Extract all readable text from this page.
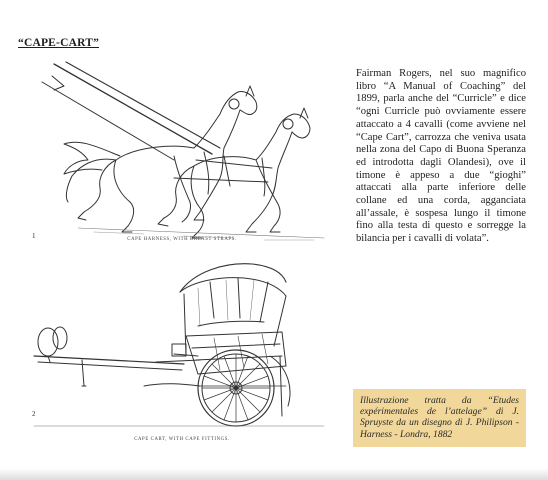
“CAPE-CART”
1	CAPE HARNESS, WITH BREAST STRAPS.
2
CAPE CART, WITH CAPE FITTINGS.

Fairman Rogers, nel suo magnifico libro “A Manual of Coaching” del 1899, parla anche del “Curricle” e dice “ogni Curricle può ovviamente essere attaccato a 4 cavalli (come avviene nel “Cape Cart”, carrozza che veniva usata nella zona del Capo di Buona Speranza ed introdotta dagli Olandesi), ove il timone è appeso a due “gioghi” attaccati alla parte inferiore delle collane ed una corda, agganciata all’assale, è sospesa lungo il timone fino alla testa di questo e sorregge la bilancia per i cavalli di volata”.

Illustrazione tratta da “Etudes expérimentales de l’attelage” di J. Spruyste da un disegno di J. Philipson - Harness - Londra, 1882
